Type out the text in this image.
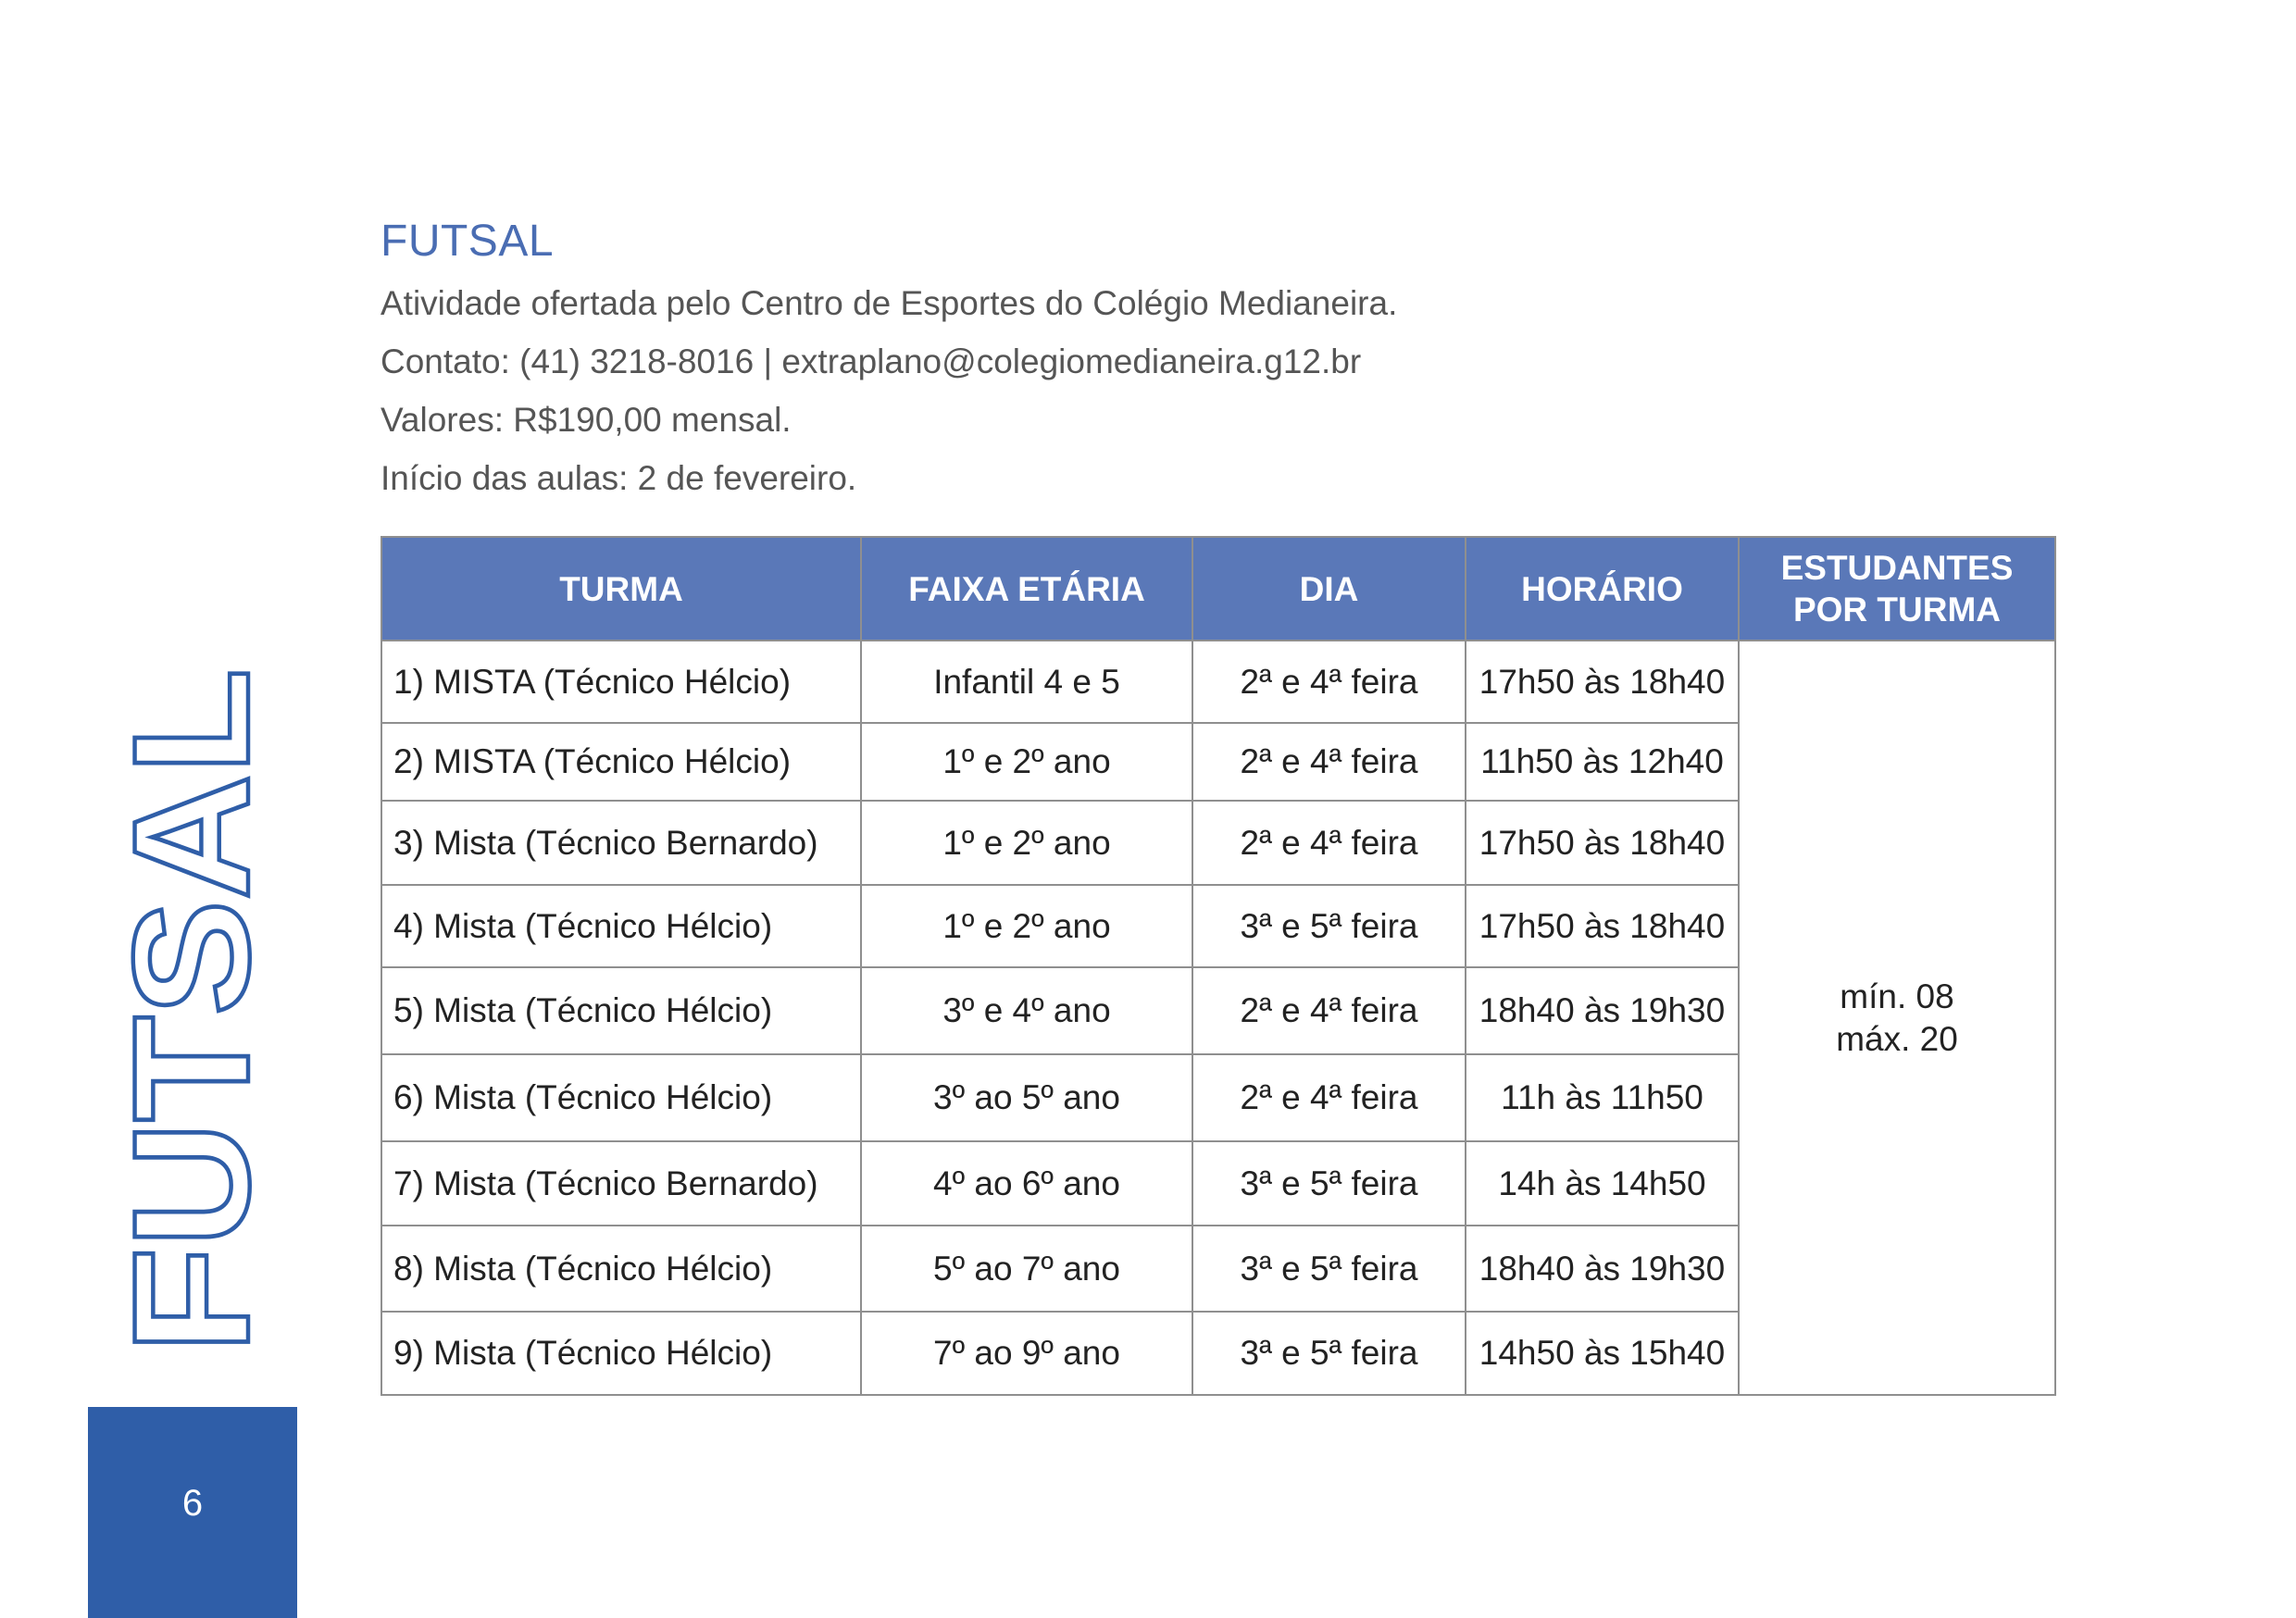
FUTSAL
Atividade ofertada pelo Centro de Esportes do Colégio Medianeira.
Contato: (41) 3218-8016 | extraplano@colegiomedianeira.g12.br
Valores: R$190,00 mensal.
Início das aulas: 2 de fevereiro.
TURMA	FAIXA ETÁRIA	DIA	HORÁRIO	ESTUDANTES
POR TURMA
1) MISTA (Técnico Hélcio)	Infantil 4 e 5	2ª e 4ª feira	17h50 às 18h40	mín. 08
máx. 20

2) MISTA (Técnico Hélcio)	1º e 2º ano	2ª e 4ª feira	11h50 às 12h40	
3) Mista (Técnico Bernardo)	1º e 2º ano	2ª e 4ª feira	17h50 às 18h40	
4) Mista (Técnico Hélcio)	1º e 2º ano	3ª e 5ª feira	17h50 às 18h40	
5) Mista (Técnico Hélcio)	3º e 4º ano	2ª e 4ª feira	18h40 às 19h30	
6) Mista (Técnico Hélcio)	3º ao 5º ano	2ª e 4ª feira	11h às 11h50	
7) Mista (Técnico Bernardo)	4º ao 6º ano	3ª e 5ª feira	14h às 14h50	
8) Mista (Técnico Hélcio)	5º ao 7º ano	3ª e 5ª feira	18h40 às 19h30	
9) Mista (Técnico Hélcio)	7º ao 9º ano	3ª e 5ª feira	14h50 às 15h40	
FUTSAL
6
